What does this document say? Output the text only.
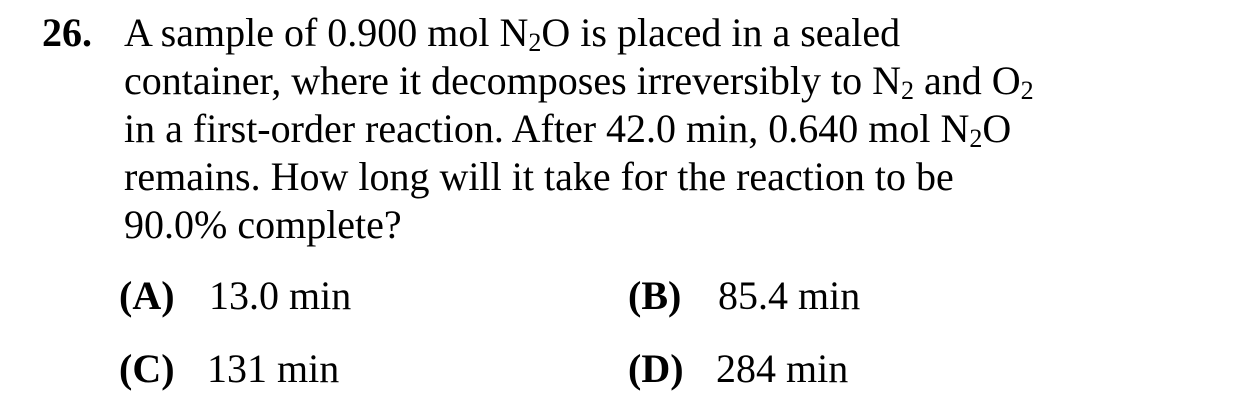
26. A sample of 0.900 mol N2O is placed in a sealed
container, where it decomposes irreversibly to N2 and O2
in a first-order reaction. After 42.0 min, 0.640 mol N2O
remains. How long will it take for the reaction to be
90.0% complete?
(A) 13.0 min	(B) 85.4 min
(C) 131 min	(D) 284 min
